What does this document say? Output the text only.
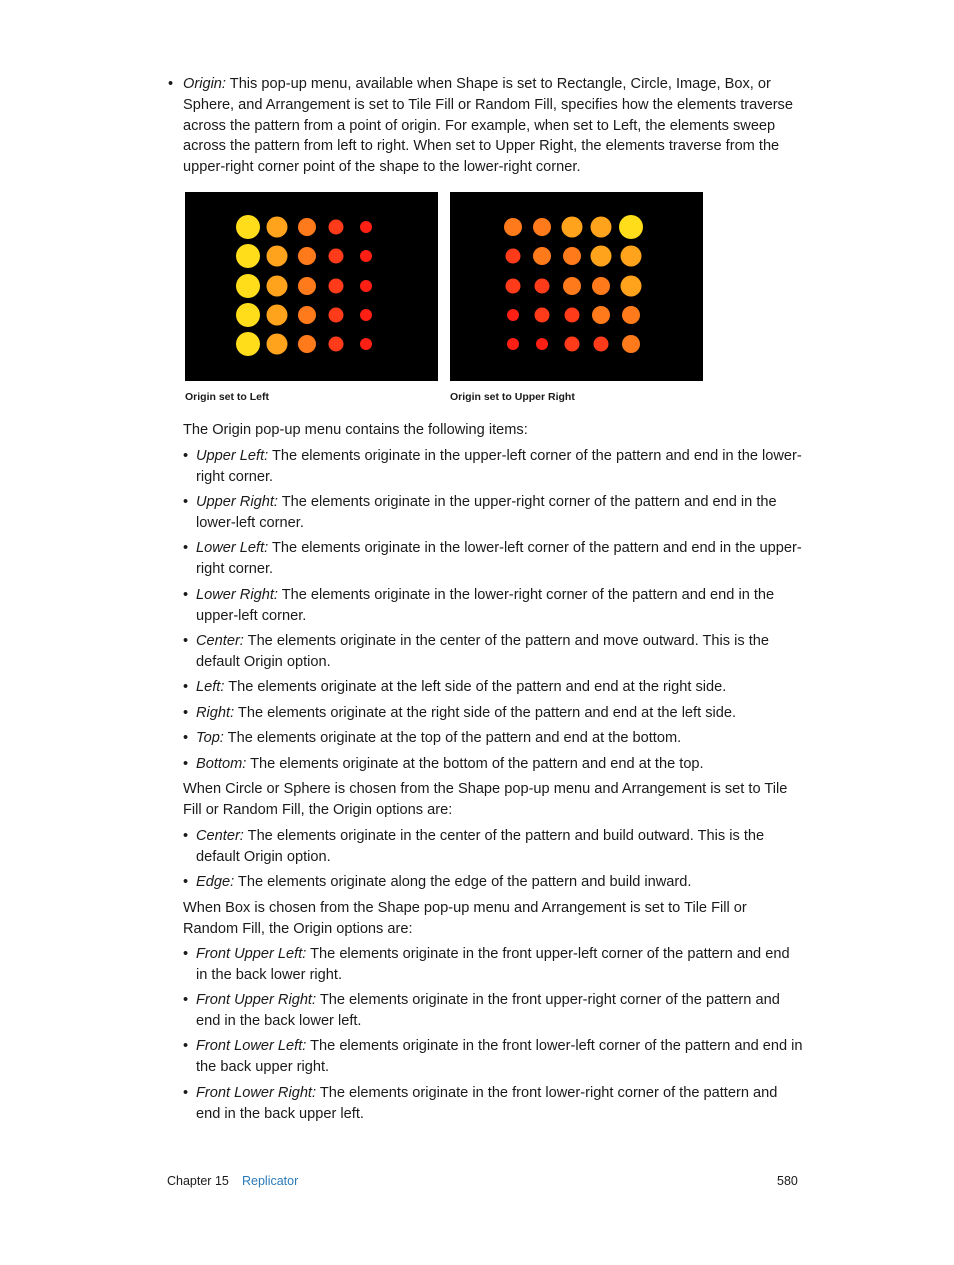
• Origin: This pop-up menu, available when Shape is set to Rectangle, Circle, Image, Box, or Sphere, and Arrangement is set to Tile Fill or Random Fill, specifies how the elements traverse across the pattern from a point of origin. For example, when set to Left, the elements sweep across the pattern from left to right. When set to Upper Right, the elements traverse from the upper-right corner point of the shape to the lower-right corner.
Origin set to Left	Origin set to Upper Right
The Origin pop-up menu contains the following items:
• Upper Left: The elements originate in the upper-left corner of the pattern and end in the lower-right corner.
• Upper Right: The elements originate in the upper-right corner of the pattern and end in the lower-left corner.
• Lower Left: The elements originate in the lower-left corner of the pattern and end in the upper-right corner.
• Lower Right: The elements originate in the lower-right corner of the pattern and end in the upper-left corner.
• Center: The elements originate in the center of the pattern and move outward. This is the default Origin option.
• Left: The elements originate at the left side of the pattern and end at the right side.
• Right: The elements originate at the right side of the pattern and end at the left side.
• Top: The elements originate at the top of the pattern and end at the bottom.
• Bottom: The elements originate at the bottom of the pattern and end at the top.
When Circle or Sphere is chosen from the Shape pop-up menu and Arrangement is set to Tile Fill or Random Fill, the Origin options are:
• Center: The elements originate in the center of the pattern and build outward. This is the default Origin option.
• Edge: The elements originate along the edge of the pattern and build inward.
When Box is chosen from the Shape pop-up menu and Arrangement is set to Tile Fill or Random Fill, the Origin options are:
• Front Upper Left: The elements originate in the front upper-left corner of the pattern and end in the back lower right.
• Front Upper Right: The elements originate in the front upper-right corner of the pattern and end in the back lower left.
• Front Lower Left: The elements originate in the front lower-left corner of the pattern and end in the back upper right.
• Front Lower Right: The elements originate in the front lower-right corner of the pattern and end in the back upper left.
Chapter 15 Replicator	580
